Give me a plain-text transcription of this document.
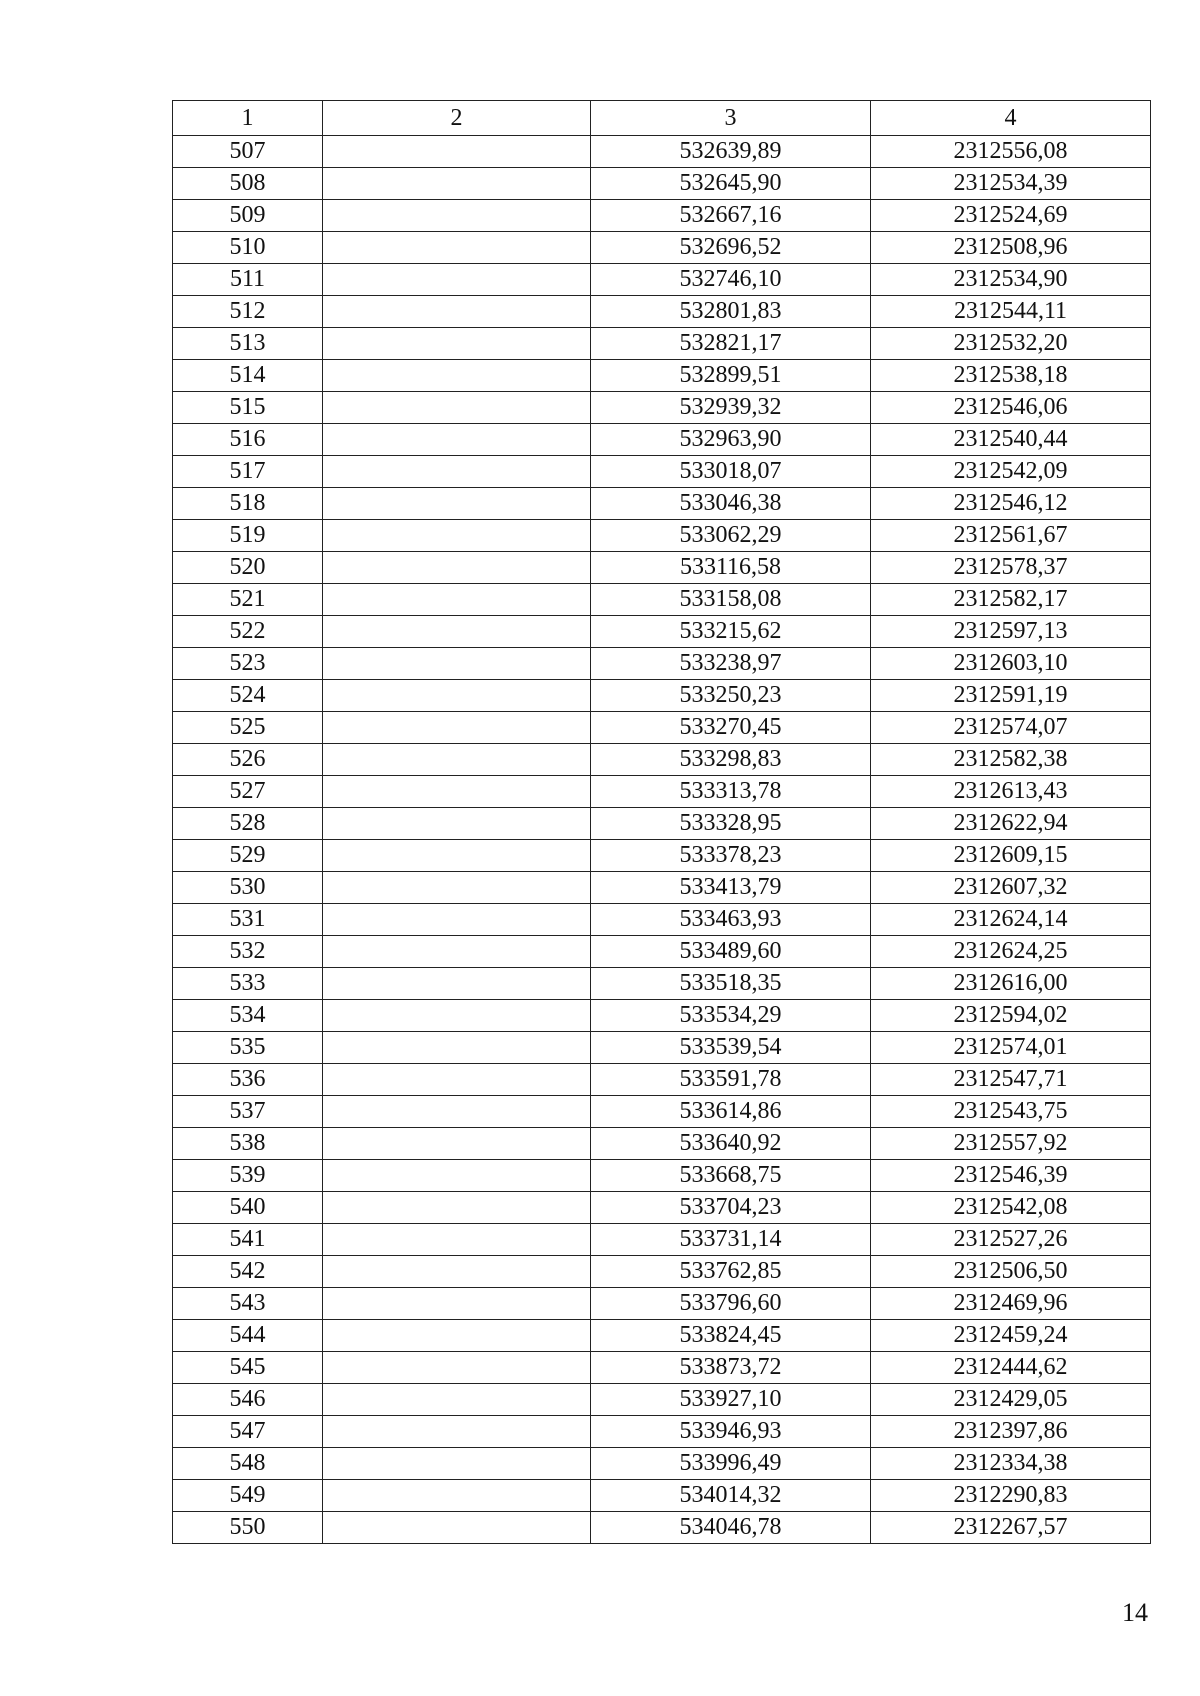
1	2	3	4
507		532639,89	2312556,08
508		532645,90	2312534,39
509		532667,16	2312524,69
510		532696,52	2312508,96
511		532746,10	2312534,90
512		532801,83	2312544,11
513		532821,17	2312532,20
514		532899,51	2312538,18
515		532939,32	2312546,06
516		532963,90	2312540,44
517		533018,07	2312542,09
518		533046,38	2312546,12
519		533062,29	2312561,67
520		533116,58	2312578,37
521		533158,08	2312582,17
522		533215,62	2312597,13
523		533238,97	2312603,10
524		533250,23	2312591,19
525		533270,45	2312574,07
526		533298,83	2312582,38
527		533313,78	2312613,43
528		533328,95	2312622,94
529		533378,23	2312609,15
530		533413,79	2312607,32
531		533463,93	2312624,14
532		533489,60	2312624,25
533		533518,35	2312616,00
534		533534,29	2312594,02
535		533539,54	2312574,01
536		533591,78	2312547,71
537		533614,86	2312543,75
538		533640,92	2312557,92
539		533668,75	2312546,39
540		533704,23	2312542,08
541		533731,14	2312527,26
542		533762,85	2312506,50
543		533796,60	2312469,96
544		533824,45	2312459,24
545		533873,72	2312444,62
546		533927,10	2312429,05
547		533946,93	2312397,86
548		533996,49	2312334,38
549		534014,32	2312290,83
550		534046,78	2312267,57
14
